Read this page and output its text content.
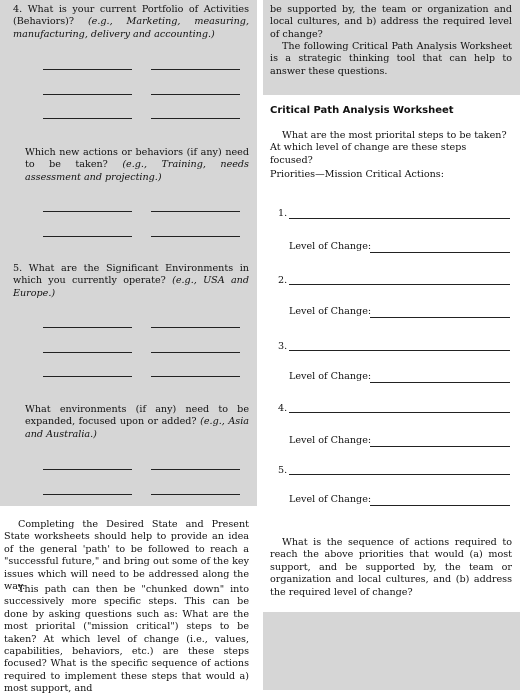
4. What is your current Portfolio of Activities (Behaviors)? (e.g., Marketing, measuring, manufacturing, delivery and accounting.)

Which new actions or behaviors (if any) need to be taken? (e.g., Training, needs assessment and projecting.)

5. What are the Significant Environments in which you currently operate? (e.g., USA and Europe.)

What environments (if any) need to be expanded, focused upon or added? (e.g., Asia and Australia.)

Completing the Desired State and Present State worksheets should help to provide an idea of the general 'path' to be followed to reach a "successful future," and bring out some of the key issues which will need to be addressed along the way.

This path can then be "chunked down" into successively more specific steps. This can be done by asking questions such as: What are the most priorital ("mission critical") steps to be taken? At which level of change (i.e., values, capabilities, behaviors, etc.) are these steps focused? What is the specific sequence of actions required to implement these steps that would a) most support, and

be supported by, the team or organization and local cultures, and b) address the required level of change?

The following Critical Path Analysis Worksheet is a strategic thinking tool that can help to answer these questions.

Critical Path Analysis Worksheet

What are the most priorital steps to be taken? At which level of change are these steps focused?

Priorities—Mission Critical Actions:

1.

Level of Change:

2.

Level of Change:

3.

Level of Change:

4.

Level of Change:

5.

Level of Change:

What is the sequence of actions required to reach the above priorities that would (a) most support, and be supported by, the team or organization and local cultures, and (b) address the required level of change?
